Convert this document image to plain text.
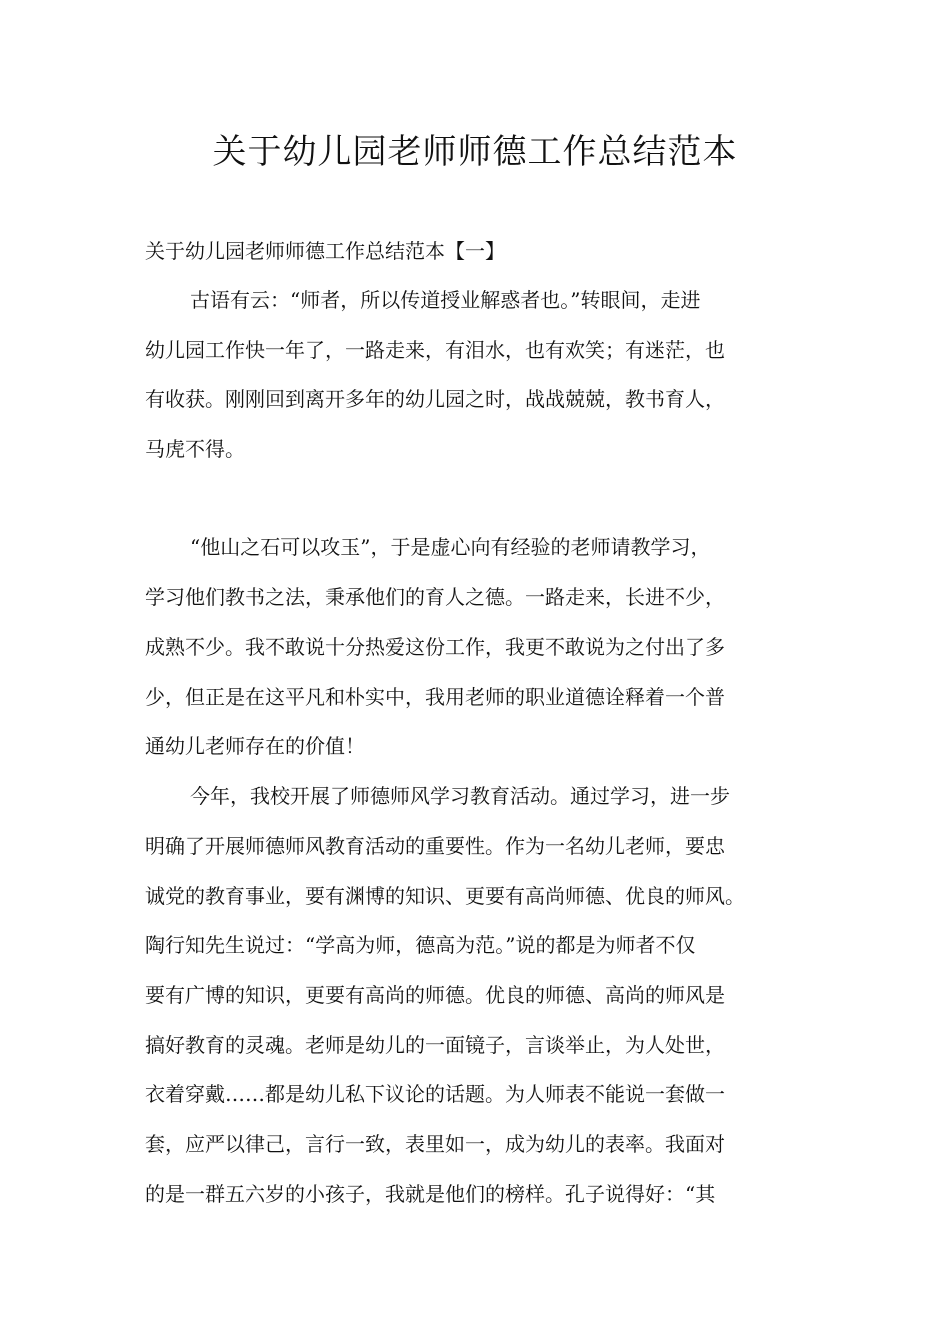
关于幼儿园老师师德工作总结范本

关于幼儿园老师师德工作总结范本【一】

古语有云：“师者，所以传道授业解惑者也。”转眼间，走进

幼儿园工作快一年了，一路走来，有泪水，也有欢笑；有迷茫，也

有收获。刚刚回到离开多年的幼儿园之时，战战兢兢，教书育人，

马虎不得。

“他山之石可以攻玉”，于是虚心向有经验的老师请教学习，

学习他们教书之法，秉承他们的育人之德。一路走来，长进不少，

成熟不少。我不敢说十分热爱这份工作，我更不敢说为之付出了多

少，但正是在这平凡和朴实中，我用老师的职业道德诠释着一个普

通幼儿老师存在的价值！

今年，我校开展了师德师风学习教育活动。通过学习，进一步

明确了开展师德师风教育活动的重要性。作为一名幼儿老师，要忠

诚党的教育事业，要有渊博的知识、更要有高尚师德、优良的师风。

陶行知先生说过：“学高为师，德高为范。”说的都是为师者不仅

要有广博的知识，更要有高尚的师德。优良的师德、高尚的师风是

搞好教育的灵魂。老师是幼儿的一面镜子，言谈举止，为人处世，

衣着穿戴……都是幼儿私下议论的话题。为人师表不能说一套做一

套，应严以律己，言行一致，表里如一，成为幼儿的表率。我面对

的是一群五六岁的小孩子，我就是他们的榜样。孔子说得好：“其
